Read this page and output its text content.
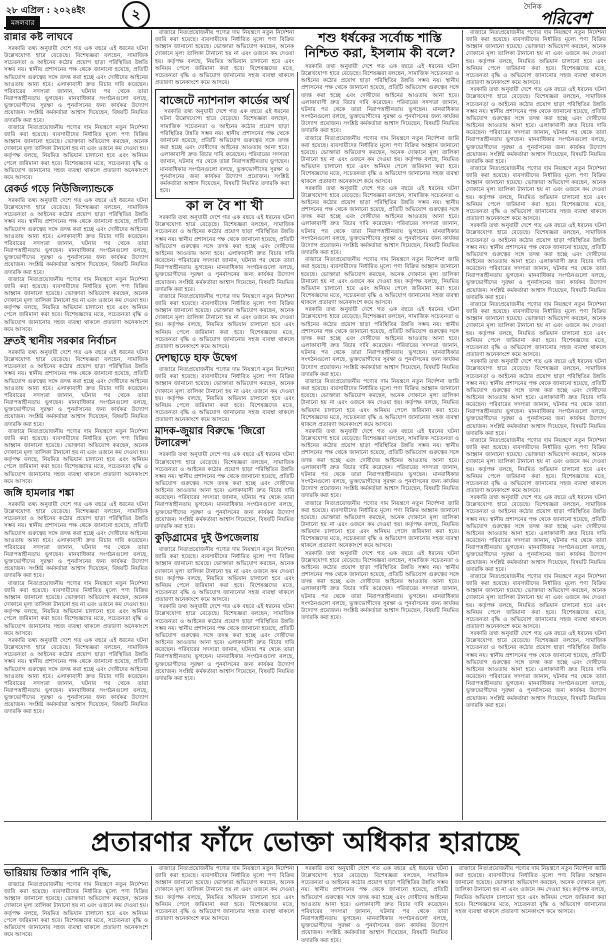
২৮ এপ্রিল : ২০২৪ইং
মঙ্গলবার	২	দৈনিক
পরিবেশ
রান্নার কষ্ট লাঘবে

সরকারি তথ্য অনুযায়ী দেশে গত এক বছরে এই ধরনের ঘটনা উল্লেখযোগ্য হারে বেড়েছে। বিশেষজ্ঞরা বলছেন, সামাজিক সচেতনতা ও আইনের কঠোর প্রয়োগ ছাড়া পরিস্থিতির উন্নতি সম্ভব নয়। স্থানীয় প্রশাসনের পক্ষ থেকে জানানো হয়েছে, প্রতিটি অভিযোগ গুরুত্বের সঙ্গে তদন্ত করা হচ্ছে এবং দোষীদের আইনের আওতায় আনা হবে। এলাকাবাসী দ্রুত বিচার দাবি করেছেন। পরিবারের সদস্যরা জানান, ঘটনার পর থেকে তারা নিরাপত্তাহীনতায় ভুগছেন। মানবাধিকার সংগঠনগুলো বলছে, ভুক্তভোগীদের সুরক্ষা ও পুনর্বাসনের জন্য কার্যকর উদ্যোগ প্রয়োজন। সংশ্লিষ্ট কর্মকর্তারা আশ্বাস দিয়েছেন, বিষয়টি নিয়মিত তদারকি করা হবে।

বাজারে নিত্যপ্রয়োজনীয় পণ্যের দাম নিয়ন্ত্রণে নতুন নির্দেশনা জারি করা হয়েছে। ব্যবসায়ীদের নির্ধারিত মূল্যে পণ্য বিক্রির আহ্বান জানানো হয়েছে। ভোক্তারা অভিযোগ করছেন, অনেক দোকানে মূল্য তালিকা টানানো হয় না এবং ওজনে কম দেওয়া হয়। কর্তৃপক্ষ বলছে, নিয়মিত অভিযান চালানো হবে এবং অনিয়ম পেলে জরিমানা করা হবে। বিশেষজ্ঞদের মতে, সচেতনতা বৃদ্ধি ও অভিযোগ জানানোর সহজ ব্যবস্থা থাকলে প্রতারণা অনেকাংশে কমে আসবে।

রেকর্ড গড়ে নিউজিল্যান্ডকে

সরকারি তথ্য অনুযায়ী দেশে গত এক বছরে এই ধরনের ঘটনা উল্লেখযোগ্য হারে বেড়েছে। বিশেষজ্ঞরা বলছেন, সামাজিক সচেতনতা ও আইনের কঠোর প্রয়োগ ছাড়া পরিস্থিতির উন্নতি সম্ভব নয়। স্থানীয় প্রশাসনের পক্ষ থেকে জানানো হয়েছে, প্রতিটি অভিযোগ গুরুত্বের সঙ্গে তদন্ত করা হচ্ছে এবং দোষীদের আইনের আওতায় আনা হবে। এলাকাবাসী দ্রুত বিচার দাবি করেছেন। পরিবারের সদস্যরা জানান, ঘটনার পর থেকে তারা নিরাপত্তাহীনতায় ভুগছেন। মানবাধিকার সংগঠনগুলো বলছে, ভুক্তভোগীদের সুরক্ষা ও পুনর্বাসনের জন্য কার্যকর উদ্যোগ প্রয়োজন। সংশ্লিষ্ট কর্মকর্তারা আশ্বাস দিয়েছেন, বিষয়টি নিয়মিত তদারকি করা হবে।

বাজারে নিত্যপ্রয়োজনীয় পণ্যের দাম নিয়ন্ত্রণে নতুন নির্দেশনা জারি করা হয়েছে। ব্যবসায়ীদের নির্ধারিত মূল্যে পণ্য বিক্রির আহ্বান জানানো হয়েছে। ভোক্তারা অভিযোগ করছেন, অনেক দোকানে মূল্য তালিকা টানানো হয় না এবং ওজনে কম দেওয়া হয়। কর্তৃপক্ষ বলছে, নিয়মিত অভিযান চালানো হবে এবং অনিয়ম পেলে জরিমানা করা হবে। বিশেষজ্ঞদের মতে, সচেতনতা বৃদ্ধি ও অভিযোগ জানানোর সহজ ব্যবস্থা থাকলে প্রতারণা অনেকাংশে কমে আসবে।

দ্রুতই স্থানীয় সরকার নির্বাচন

সরকারি তথ্য অনুযায়ী দেশে গত এক বছরে এই ধরনের ঘটনা উল্লেখযোগ্য হারে বেড়েছে। বিশেষজ্ঞরা বলছেন, সামাজিক সচেতনতা ও আইনের কঠোর প্রয়োগ ছাড়া পরিস্থিতির উন্নতি সম্ভব নয়। স্থানীয় প্রশাসনের পক্ষ থেকে জানানো হয়েছে, প্রতিটি অভিযোগ গুরুত্বের সঙ্গে তদন্ত করা হচ্ছে এবং দোষীদের আইনের আওতায় আনা হবে। এলাকাবাসী দ্রুত বিচার দাবি করেছেন। পরিবারের সদস্যরা জানান, ঘটনার পর থেকে তারা নিরাপত্তাহীনতায় ভুগছেন। মানবাধিকার সংগঠনগুলো বলছে, ভুক্তভোগীদের সুরক্ষা ও পুনর্বাসনের জন্য কার্যকর উদ্যোগ প্রয়োজন। সংশ্লিষ্ট কর্মকর্তারা আশ্বাস দিয়েছেন, বিষয়টি নিয়মিত তদারকি করা হবে।

বাজারে নিত্যপ্রয়োজনীয় পণ্যের দাম নিয়ন্ত্রণে নতুন নির্দেশনা জারি করা হয়েছে। ব্যবসায়ীদের নির্ধারিত মূল্যে পণ্য বিক্রির আহ্বান জানানো হয়েছে। ভোক্তারা অভিযোগ করছেন, অনেক দোকানে মূল্য তালিকা টানানো হয় না এবং ওজনে কম দেওয়া হয়। কর্তৃপক্ষ বলছে, নিয়মিত অভিযান চালানো হবে এবং অনিয়ম পেলে জরিমানা করা হবে। বিশেষজ্ঞদের মতে, সচেতনতা বৃদ্ধি ও অভিযোগ জানানোর সহজ ব্যবস্থা থাকলে প্রতারণা অনেকাংশে কমে আসবে।

জঙ্গি হামলার শঙ্কা

সরকারি তথ্য অনুযায়ী দেশে গত এক বছরে এই ধরনের ঘটনা উল্লেখযোগ্য হারে বেড়েছে। বিশেষজ্ঞরা বলছেন, সামাজিক সচেতনতা ও আইনের কঠোর প্রয়োগ ছাড়া পরিস্থিতির উন্নতি সম্ভব নয়। স্থানীয় প্রশাসনের পক্ষ থেকে জানানো হয়েছে, প্রতিটি অভিযোগ গুরুত্বের সঙ্গে তদন্ত করা হচ্ছে এবং দোষীদের আইনের আওতায় আনা হবে। এলাকাবাসী দ্রুত বিচার দাবি করেছেন। পরিবারের সদস্যরা জানান, ঘটনার পর থেকে তারা নিরাপত্তাহীনতায় ভুগছেন। মানবাধিকার সংগঠনগুলো বলছে, ভুক্তভোগীদের সুরক্ষা ও পুনর্বাসনের জন্য কার্যকর উদ্যোগ প্রয়োজন। সংশ্লিষ্ট কর্মকর্তারা আশ্বাস দিয়েছেন, বিষয়টি নিয়মিত তদারকি করা হবে।

বাজারে নিত্যপ্রয়োজনীয় পণ্যের দাম নিয়ন্ত্রণে নতুন নির্দেশনা জারি করা হয়েছে। ব্যবসায়ীদের নির্ধারিত মূল্যে পণ্য বিক্রির আহ্বান জানানো হয়েছে। ভোক্তারা অভিযোগ করছেন, অনেক দোকানে মূল্য তালিকা টানানো হয় না এবং ওজনে কম দেওয়া হয়। কর্তৃপক্ষ বলছে, নিয়মিত অভিযান চালানো হবে এবং অনিয়ম পেলে জরিমানা করা হবে। বিশেষজ্ঞদের মতে, সচেতনতা বৃদ্ধি ও অভিযোগ জানানোর সহজ ব্যবস্থা থাকলে প্রতারণা অনেকাংশে কমে আসবে।

সরকারি তথ্য অনুযায়ী দেশে গত এক বছরে এই ধরনের ঘটনা উল্লেখযোগ্য হারে বেড়েছে। বিশেষজ্ঞরা বলছেন, সামাজিক সচেতনতা ও আইনের কঠোর প্রয়োগ ছাড়া পরিস্থিতির উন্নতি সম্ভব নয়। স্থানীয় প্রশাসনের পক্ষ থেকে জানানো হয়েছে, প্রতিটি অভিযোগ গুরুত্বের সঙ্গে তদন্ত করা হচ্ছে এবং দোষীদের আইনের আওতায় আনা হবে। এলাকাবাসী দ্রুত বিচার দাবি করেছেন। পরিবারের সদস্যরা জানান, ঘটনার পর থেকে তারা নিরাপত্তাহীনতায় ভুগছেন। মানবাধিকার সংগঠনগুলো বলছে, ভুক্তভোগীদের সুরক্ষা ও পুনর্বাসনের জন্য কার্যকর উদ্যোগ প্রয়োজন। সংশ্লিষ্ট কর্মকর্তারা আশ্বাস দিয়েছেন, বিষয়টি নিয়মিত তদারকি করা হবে।

ভারিয়ায় তিস্তার পানি বৃদ্ধি,

বাজারে নিত্যপ্রয়োজনীয় পণ্যের দাম নিয়ন্ত্রণে নতুন নির্দেশনা জারি করা হয়েছে। ব্যবসায়ীদের নির্ধারিত মূল্যে পণ্য বিক্রির আহ্বান জানানো হয়েছে। ভোক্তারা অভিযোগ করছেন, অনেক দোকানে মূল্য তালিকা টানানো হয় না এবং ওজনে কম দেওয়া হয়। কর্তৃপক্ষ বলছে, নিয়মিত অভিযান চালানো হবে এবং অনিয়ম পেলে জরিমানা করা হবে। বিশেষজ্ঞদের মতে, সচেতনতা বৃদ্ধি ও অভিযোগ জানানোর সহজ ব্যবস্থা থাকলে প্রতারণা অনেকাংশে কমে আসবে।

বাজারে নিত্যপ্রয়োজনীয় পণ্যের দাম নিয়ন্ত্রণে নতুন নির্দেশনা জারি করা হয়েছে। ব্যবসায়ীদের নির্ধারিত মূল্যে পণ্য বিক্রির আহ্বান জানানো হয়েছে। ভোক্তারা অভিযোগ করছেন, অনেক দোকানে মূল্য তালিকা টানানো হয় না এবং ওজনে কম দেওয়া হয়। কর্তৃপক্ষ বলছে, নিয়মিত অভিযান চালানো হবে এবং অনিয়ম পেলে জরিমানা করা হবে। বিশেষজ্ঞদের মতে, সচেতনতা বৃদ্ধি ও অভিযোগ জানানোর সহজ ব্যবস্থা থাকলে প্রতারণা অনেকাংশে কমে আসবে।

বাজেটে ন্যাশনাল কার্ডের অর্থ

সরকারি তথ্য অনুযায়ী দেশে গত এক বছরে এই ধরনের ঘটনা উল্লেখযোগ্য হারে বেড়েছে। বিশেষজ্ঞরা বলছেন, সামাজিক সচেতনতা ও আইনের কঠোর প্রয়োগ ছাড়া পরিস্থিতির উন্নতি সম্ভব নয়। স্থানীয় প্রশাসনের পক্ষ থেকে জানানো হয়েছে, প্রতিটি অভিযোগ গুরুত্বের সঙ্গে তদন্ত করা হচ্ছে এবং দোষীদের আইনের আওতায় আনা হবে। এলাকাবাসী দ্রুত বিচার দাবি করেছেন। পরিবারের সদস্যরা জানান, ঘটনার পর থেকে তারা নিরাপত্তাহীনতায় ভুগছেন। মানবাধিকার সংগঠনগুলো বলছে, ভুক্তভোগীদের সুরক্ষা ও পুনর্বাসনের জন্য কার্যকর উদ্যোগ প্রয়োজন। সংশ্লিষ্ট কর্মকর্তারা আশ্বাস দিয়েছেন, বিষয়টি নিয়মিত তদারকি করা হবে।

কা ল বৈ শা খী

সরকারি তথ্য অনুযায়ী দেশে গত এক বছরে এই ধরনের ঘটনা উল্লেখযোগ্য হারে বেড়েছে। বিশেষজ্ঞরা বলছেন, সামাজিক সচেতনতা ও আইনের কঠোর প্রয়োগ ছাড়া পরিস্থিতির উন্নতি সম্ভব নয়। স্থানীয় প্রশাসনের পক্ষ থেকে জানানো হয়েছে, প্রতিটি অভিযোগ গুরুত্বের সঙ্গে তদন্ত করা হচ্ছে এবং দোষীদের আইনের আওতায় আনা হবে। এলাকাবাসী দ্রুত বিচার দাবি করেছেন। পরিবারের সদস্যরা জানান, ঘটনার পর থেকে তারা নিরাপত্তাহীনতায় ভুগছেন। মানবাধিকার সংগঠনগুলো বলছে, ভুক্তভোগীদের সুরক্ষা ও পুনর্বাসনের জন্য কার্যকর উদ্যোগ প্রয়োজন। সংশ্লিষ্ট কর্মকর্তারা আশ্বাস দিয়েছেন, বিষয়টি নিয়মিত তদারকি করা হবে।

বাজারে নিত্যপ্রয়োজনীয় পণ্যের দাম নিয়ন্ত্রণে নতুন নির্দেশনা জারি করা হয়েছে। ব্যবসায়ীদের নির্ধারিত মূল্যে পণ্য বিক্রির আহ্বান জানানো হয়েছে। ভোক্তারা অভিযোগ করছেন, অনেক দোকানে মূল্য তালিকা টানানো হয় না এবং ওজনে কম দেওয়া হয়। কর্তৃপক্ষ বলছে, নিয়মিত অভিযান চালানো হবে এবং অনিয়ম পেলে জরিমানা করা হবে। বিশেষজ্ঞদের মতে, সচেতনতা বৃদ্ধি ও অভিযোগ জানানোর সহজ ব্যবস্থা থাকলে প্রতারণা অনেকাংশে কমে আসবে।

দেশছাড়ে হাফ উদ্বেগ

বাজারে নিত্যপ্রয়োজনীয় পণ্যের দাম নিয়ন্ত্রণে নতুন নির্দেশনা জারি করা হয়েছে। ব্যবসায়ীদের নির্ধারিত মূল্যে পণ্য বিক্রির আহ্বান জানানো হয়েছে। ভোক্তারা অভিযোগ করছেন, অনেক দোকানে মূল্য তালিকা টানানো হয় না এবং ওজনে কম দেওয়া হয়। কর্তৃপক্ষ বলছে, নিয়মিত অভিযান চালানো হবে এবং অনিয়ম পেলে জরিমানা করা হবে। বিশেষজ্ঞদের মতে, সচেতনতা বৃদ্ধি ও অভিযোগ জানানোর সহজ ব্যবস্থা থাকলে প্রতারণা অনেকাংশে কমে আসবে।

মাদক-জুয়ার বিরুদ্ধে 'জিরো টলারেন্স'

সরকারি তথ্য অনুযায়ী দেশে গত এক বছরে এই ধরনের ঘটনা উল্লেখযোগ্য হারে বেড়েছে। বিশেষজ্ঞরা বলছেন, সামাজিক সচেতনতা ও আইনের কঠোর প্রয়োগ ছাড়া পরিস্থিতির উন্নতি সম্ভব নয়। স্থানীয় প্রশাসনের পক্ষ থেকে জানানো হয়েছে, প্রতিটি অভিযোগ গুরুত্বের সঙ্গে তদন্ত করা হচ্ছে এবং দোষীদের আইনের আওতায় আনা হবে। এলাকাবাসী দ্রুত বিচার দাবি করেছেন। পরিবারের সদস্যরা জানান, ঘটনার পর থেকে তারা নিরাপত্তাহীনতায় ভুগছেন। মানবাধিকার সংগঠনগুলো বলছে, ভুক্তভোগীদের সুরক্ষা ও পুনর্বাসনের জন্য কার্যকর উদ্যোগ প্রয়োজন। সংশ্লিষ্ট কর্মকর্তারা আশ্বাস দিয়েছেন, বিষয়টি নিয়মিত তদারকি করা হবে।

কুড়িগ্রামের দুই উপজেলায়

বাজারে নিত্যপ্রয়োজনীয় পণ্যের দাম নিয়ন্ত্রণে নতুন নির্দেশনা জারি করা হয়েছে। ব্যবসায়ীদের নির্ধারিত মূল্যে পণ্য বিক্রির আহ্বান জানানো হয়েছে। ভোক্তারা অভিযোগ করছেন, অনেক দোকানে মূল্য তালিকা টানানো হয় না এবং ওজনে কম দেওয়া হয়। কর্তৃপক্ষ বলছে, নিয়মিত অভিযান চালানো হবে এবং অনিয়ম পেলে জরিমানা করা হবে। বিশেষজ্ঞদের মতে, সচেতনতা বৃদ্ধি ও অভিযোগ জানানোর সহজ ব্যবস্থা থাকলে প্রতারণা অনেকাংশে কমে আসবে।

সরকারি তথ্য অনুযায়ী দেশে গত এক বছরে এই ধরনের ঘটনা উল্লেখযোগ্য হারে বেড়েছে। বিশেষজ্ঞরা বলছেন, সামাজিক সচেতনতা ও আইনের কঠোর প্রয়োগ ছাড়া পরিস্থিতির উন্নতি সম্ভব নয়। স্থানীয় প্রশাসনের পক্ষ থেকে জানানো হয়েছে, প্রতিটি অভিযোগ গুরুত্বের সঙ্গে তদন্ত করা হচ্ছে এবং দোষীদের আইনের আওতায় আনা হবে। এলাকাবাসী দ্রুত বিচার দাবি করেছেন। পরিবারের সদস্যরা জানান, ঘটনার পর থেকে তারা নিরাপত্তাহীনতায় ভুগছেন। মানবাধিকার সংগঠনগুলো বলছে, ভুক্তভোগীদের সুরক্ষা ও পুনর্বাসনের জন্য কার্যকর উদ্যোগ প্রয়োজন। সংশ্লিষ্ট কর্মকর্তারা আশ্বাস দিয়েছেন, বিষয়টি নিয়মিত তদারকি করা হবে।

শশু ধর্ষকের সর্বোচ্চ শাস্তি নিশ্চিত করা, ইসলাম কী বলে?

সরকারি তথ্য অনুযায়ী দেশে গত এক বছরে এই ধরনের ঘটনা উল্লেখযোগ্য হারে বেড়েছে। বিশেষজ্ঞরা বলছেন, সামাজিক সচেতনতা ও আইনের কঠোর প্রয়োগ ছাড়া পরিস্থিতির উন্নতি সম্ভব নয়। স্থানীয় প্রশাসনের পক্ষ থেকে জানানো হয়েছে, প্রতিটি অভিযোগ গুরুত্বের সঙ্গে তদন্ত করা হচ্ছে এবং দোষীদের আইনের আওতায় আনা হবে। এলাকাবাসী দ্রুত বিচার দাবি করেছেন। পরিবারের সদস্যরা জানান, ঘটনার পর থেকে তারা নিরাপত্তাহীনতায় ভুগছেন। মানবাধিকার সংগঠনগুলো বলছে, ভুক্তভোগীদের সুরক্ষা ও পুনর্বাসনের জন্য কার্যকর উদ্যোগ প্রয়োজন। সংশ্লিষ্ট কর্মকর্তারা আশ্বাস দিয়েছেন, বিষয়টি নিয়মিত তদারকি করা হবে।

বাজারে নিত্যপ্রয়োজনীয় পণ্যের দাম নিয়ন্ত্রণে নতুন নির্দেশনা জারি করা হয়েছে। ব্যবসায়ীদের নির্ধারিত মূল্যে পণ্য বিক্রির আহ্বান জানানো হয়েছে। ভোক্তারা অভিযোগ করছেন, অনেক দোকানে মূল্য তালিকা টানানো হয় না এবং ওজনে কম দেওয়া হয়। কর্তৃপক্ষ বলছে, নিয়মিত অভিযান চালানো হবে এবং অনিয়ম পেলে জরিমানা করা হবে। বিশেষজ্ঞদের মতে, সচেতনতা বৃদ্ধি ও অভিযোগ জানানোর সহজ ব্যবস্থা থাকলে প্রতারণা অনেকাংশে কমে আসবে।

সরকারি তথ্য অনুযায়ী দেশে গত এক বছরে এই ধরনের ঘটনা উল্লেখযোগ্য হারে বেড়েছে। বিশেষজ্ঞরা বলছেন, সামাজিক সচেতনতা ও আইনের কঠোর প্রয়োগ ছাড়া পরিস্থিতির উন্নতি সম্ভব নয়। স্থানীয় প্রশাসনের পক্ষ থেকে জানানো হয়েছে, প্রতিটি অভিযোগ গুরুত্বের সঙ্গে তদন্ত করা হচ্ছে এবং দোষীদের আইনের আওতায় আনা হবে। এলাকাবাসী দ্রুত বিচার দাবি করেছেন। পরিবারের সদস্যরা জানান, ঘটনার পর থেকে তারা নিরাপত্তাহীনতায় ভুগছেন। মানবাধিকার সংগঠনগুলো বলছে, ভুক্তভোগীদের সুরক্ষা ও পুনর্বাসনের জন্য কার্যকর উদ্যোগ প্রয়োজন। সংশ্লিষ্ট কর্মকর্তারা আশ্বাস দিয়েছেন, বিষয়টি নিয়মিত তদারকি করা হবে।

বাজারে নিত্যপ্রয়োজনীয় পণ্যের দাম নিয়ন্ত্রণে নতুন নির্দেশনা জারি করা হয়েছে। ব্যবসায়ীদের নির্ধারিত মূল্যে পণ্য বিক্রির আহ্বান জানানো হয়েছে। ভোক্তারা অভিযোগ করছেন, অনেক দোকানে মূল্য তালিকা টানানো হয় না এবং ওজনে কম দেওয়া হয়। কর্তৃপক্ষ বলছে, নিয়মিত অভিযান চালানো হবে এবং অনিয়ম পেলে জরিমানা করা হবে। বিশেষজ্ঞদের মতে, সচেতনতা বৃদ্ধি ও অভিযোগ জানানোর সহজ ব্যবস্থা থাকলে প্রতারণা অনেকাংশে কমে আসবে।

সরকারি তথ্য অনুযায়ী দেশে গত এক বছরে এই ধরনের ঘটনা উল্লেখযোগ্য হারে বেড়েছে। বিশেষজ্ঞরা বলছেন, সামাজিক সচেতনতা ও আইনের কঠোর প্রয়োগ ছাড়া পরিস্থিতির উন্নতি সম্ভব নয়। স্থানীয় প্রশাসনের পক্ষ থেকে জানানো হয়েছে, প্রতিটি অভিযোগ গুরুত্বের সঙ্গে তদন্ত করা হচ্ছে এবং দোষীদের আইনের আওতায় আনা হবে। এলাকাবাসী দ্রুত বিচার দাবি করেছেন। পরিবারের সদস্যরা জানান, ঘটনার পর থেকে তারা নিরাপত্তাহীনতায় ভুগছেন। মানবাধিকার সংগঠনগুলো বলছে, ভুক্তভোগীদের সুরক্ষা ও পুনর্বাসনের জন্য কার্যকর উদ্যোগ প্রয়োজন। সংশ্লিষ্ট কর্মকর্তারা আশ্বাস দিয়েছেন, বিষয়টি নিয়মিত তদারকি করা হবে।

বাজারে নিত্যপ্রয়োজনীয় পণ্যের দাম নিয়ন্ত্রণে নতুন নির্দেশনা জারি করা হয়েছে। ব্যবসায়ীদের নির্ধারিত মূল্যে পণ্য বিক্রির আহ্বান জানানো হয়েছে। ভোক্তারা অভিযোগ করছেন, অনেক দোকানে মূল্য তালিকা টানানো হয় না এবং ওজনে কম দেওয়া হয়। কর্তৃপক্ষ বলছে, নিয়মিত অভিযান চালানো হবে এবং অনিয়ম পেলে জরিমানা করা হবে। বিশেষজ্ঞদের মতে, সচেতনতা বৃদ্ধি ও অভিযোগ জানানোর সহজ ব্যবস্থা থাকলে প্রতারণা অনেকাংশে কমে আসবে।

সরকারি তথ্য অনুযায়ী দেশে গত এক বছরে এই ধরনের ঘটনা উল্লেখযোগ্য হারে বেড়েছে। বিশেষজ্ঞরা বলছেন, সামাজিক সচেতনতা ও আইনের কঠোর প্রয়োগ ছাড়া পরিস্থিতির উন্নতি সম্ভব নয়। স্থানীয় প্রশাসনের পক্ষ থেকে জানানো হয়েছে, প্রতিটি অভিযোগ গুরুত্বের সঙ্গে তদন্ত করা হচ্ছে এবং দোষীদের আইনের আওতায় আনা হবে। এলাকাবাসী দ্রুত বিচার দাবি করেছেন। পরিবারের সদস্যরা জানান, ঘটনার পর থেকে তারা নিরাপত্তাহীনতায় ভুগছেন। মানবাধিকার সংগঠনগুলো বলছে, ভুক্তভোগীদের সুরক্ষা ও পুনর্বাসনের জন্য কার্যকর উদ্যোগ প্রয়োজন। সংশ্লিষ্ট কর্মকর্তারা আশ্বাস দিয়েছেন, বিষয়টি নিয়মিত তদারকি করা হবে।

বাজারে নিত্যপ্রয়োজনীয় পণ্যের দাম নিয়ন্ত্রণে নতুন নির্দেশনা জারি করা হয়েছে। ব্যবসায়ীদের নির্ধারিত মূল্যে পণ্য বিক্রির আহ্বান জানানো হয়েছে। ভোক্তারা অভিযোগ করছেন, অনেক দোকানে মূল্য তালিকা টানানো হয় না এবং ওজনে কম দেওয়া হয়। কর্তৃপক্ষ বলছে, নিয়মিত অভিযান চালানো হবে এবং অনিয়ম পেলে জরিমানা করা হবে। বিশেষজ্ঞদের মতে, সচেতনতা বৃদ্ধি ও অভিযোগ জানানোর সহজ ব্যবস্থা থাকলে প্রতারণা অনেকাংশে কমে আসবে।

সরকারি তথ্য অনুযায়ী দেশে গত এক বছরে এই ধরনের ঘটনা উল্লেখযোগ্য হারে বেড়েছে। বিশেষজ্ঞরা বলছেন, সামাজিক সচেতনতা ও আইনের কঠোর প্রয়োগ ছাড়া পরিস্থিতির উন্নতি সম্ভব নয়। স্থানীয় প্রশাসনের পক্ষ থেকে জানানো হয়েছে, প্রতিটি অভিযোগ গুরুত্বের সঙ্গে তদন্ত করা হচ্ছে এবং দোষীদের আইনের আওতায় আনা হবে। এলাকাবাসী দ্রুত বিচার দাবি করেছেন। পরিবারের সদস্যরা জানান, ঘটনার পর থেকে তারা নিরাপত্তাহীনতায় ভুগছেন। মানবাধিকার সংগঠনগুলো বলছে, ভুক্তভোগীদের সুরক্ষা ও পুনর্বাসনের জন্য কার্যকর উদ্যোগ প্রয়োজন। সংশ্লিষ্ট কর্মকর্তারা আশ্বাস দিয়েছেন, বিষয়টি নিয়মিত তদারকি করা হবে।

বাজারে নিত্যপ্রয়োজনীয় পণ্যের দাম নিয়ন্ত্রণে নতুন নির্দেশনা জারি করা হয়েছে। ব্যবসায়ীদের নির্ধারিত মূল্যে পণ্য বিক্রির আহ্বান জানানো হয়েছে। ভোক্তারা অভিযোগ করছেন, অনেক দোকানে মূল্য তালিকা টানানো হয় না এবং ওজনে কম দেওয়া হয়। কর্তৃপক্ষ বলছে, নিয়মিত অভিযান চালানো হবে এবং অনিয়ম পেলে জরিমানা করা হবে। বিশেষজ্ঞদের মতে, সচেতনতা বৃদ্ধি ও অভিযোগ জানানোর সহজ ব্যবস্থা থাকলে প্রতারণা অনেকাংশে কমে আসবে।

সরকারি তথ্য অনুযায়ী দেশে গত এক বছরে এই ধরনের ঘটনা উল্লেখযোগ্য হারে বেড়েছে। বিশেষজ্ঞরা বলছেন, সামাজিক সচেতনতা ও আইনের কঠোর প্রয়োগ ছাড়া পরিস্থিতির উন্নতি সম্ভব নয়। স্থানীয় প্রশাসনের পক্ষ থেকে জানানো হয়েছে, প্রতিটি অভিযোগ গুরুত্বের সঙ্গে তদন্ত করা হচ্ছে এবং দোষীদের আইনের আওতায় আনা হবে। এলাকাবাসী দ্রুত বিচার দাবি করেছেন। পরিবারের সদস্যরা জানান, ঘটনার পর থেকে তারা নিরাপত্তাহীনতায় ভুগছেন। মানবাধিকার সংগঠনগুলো বলছে, ভুক্তভোগীদের সুরক্ষা ও পুনর্বাসনের জন্য কার্যকর উদ্যোগ প্রয়োজন। সংশ্লিষ্ট কর্মকর্তারা আশ্বাস দিয়েছেন, বিষয়টি নিয়মিত তদারকি করা হবে।

বাজারে নিত্যপ্রয়োজনীয় পণ্যের দাম নিয়ন্ত্রণে নতুন নির্দেশনা জারি করা হয়েছে। ব্যবসায়ীদের নির্ধারিত মূল্যে পণ্য বিক্রির আহ্বান জানানো হয়েছে। ভোক্তারা অভিযোগ করছেন, অনেক দোকানে মূল্য তালিকা টানানো হয় না এবং ওজনে কম দেওয়া হয়। কর্তৃপক্ষ বলছে, নিয়মিত অভিযান চালানো হবে এবং অনিয়ম পেলে জরিমানা করা হবে। বিশেষজ্ঞদের মতে, সচেতনতা বৃদ্ধি ও অভিযোগ জানানোর সহজ ব্যবস্থা থাকলে প্রতারণা অনেকাংশে কমে আসবে।

সরকারি তথ্য অনুযায়ী দেশে গত এক বছরে এই ধরনের ঘটনা উল্লেখযোগ্য হারে বেড়েছে। বিশেষজ্ঞরা বলছেন, সামাজিক সচেতনতা ও আইনের কঠোর প্রয়োগ ছাড়া পরিস্থিতির উন্নতি সম্ভব নয়। স্থানীয় প্রশাসনের পক্ষ থেকে জানানো হয়েছে, প্রতিটি অভিযোগ গুরুত্বের সঙ্গে তদন্ত করা হচ্ছে এবং দোষীদের আইনের আওতায় আনা হবে। এলাকাবাসী দ্রুত বিচার দাবি করেছেন। পরিবারের সদস্যরা জানান, ঘটনার পর থেকে তারা নিরাপত্তাহীনতায় ভুগছেন। মানবাধিকার সংগঠনগুলো বলছে, ভুক্তভোগীদের সুরক্ষা ও পুনর্বাসনের জন্য কার্যকর উদ্যোগ প্রয়োজন। সংশ্লিষ্ট কর্মকর্তারা আশ্বাস দিয়েছেন, বিষয়টি নিয়মিত তদারকি করা হবে।

বাজারে নিত্যপ্রয়োজনীয় পণ্যের দাম নিয়ন্ত্রণে নতুন নির্দেশনা জারি করা হয়েছে। ব্যবসায়ীদের নির্ধারিত মূল্যে পণ্য বিক্রির আহ্বান জানানো হয়েছে। ভোক্তারা অভিযোগ করছেন, অনেক দোকানে মূল্য তালিকা টানানো হয় না এবং ওজনে কম দেওয়া হয়। কর্তৃপক্ষ বলছে, নিয়মিত অভিযান চালানো হবে এবং অনিয়ম পেলে জরিমানা করা হবে। বিশেষজ্ঞদের মতে, সচেতনতা বৃদ্ধি ও অভিযোগ জানানোর সহজ ব্যবস্থা থাকলে প্রতারণা অনেকাংশে কমে আসবে।

সরকারি তথ্য অনুযায়ী দেশে গত এক বছরে এই ধরনের ঘটনা উল্লেখযোগ্য হারে বেড়েছে। বিশেষজ্ঞরা বলছেন, সামাজিক সচেতনতা ও আইনের কঠোর প্রয়োগ ছাড়া পরিস্থিতির উন্নতি সম্ভব নয়। স্থানীয় প্রশাসনের পক্ষ থেকে জানানো হয়েছে, প্রতিটি অভিযোগ গুরুত্বের সঙ্গে তদন্ত করা হচ্ছে এবং দোষীদের আইনের আওতায় আনা হবে। এলাকাবাসী দ্রুত বিচার দাবি করেছেন। পরিবারের সদস্যরা জানান, ঘটনার পর থেকে তারা নিরাপত্তাহীনতায় ভুগছেন। মানবাধিকার সংগঠনগুলো বলছে, ভুক্তভোগীদের সুরক্ষা ও পুনর্বাসনের জন্য কার্যকর উদ্যোগ প্রয়োজন। সংশ্লিষ্ট কর্মকর্তারা আশ্বাস দিয়েছেন, বিষয়টি নিয়মিত তদারকি করা হবে।

বাজারে নিত্যপ্রয়োজনীয় পণ্যের দাম নিয়ন্ত্রণে নতুন নির্দেশনা জারি করা হয়েছে। ব্যবসায়ীদের নির্ধারিত মূল্যে পণ্য বিক্রির আহ্বান জানানো হয়েছে। ভোক্তারা অভিযোগ করছেন, অনেক দোকানে মূল্য তালিকা টানানো হয় না এবং ওজনে কম দেওয়া হয়। কর্তৃপক্ষ বলছে, নিয়মিত অভিযান চালানো হবে এবং অনিয়ম পেলে জরিমানা করা হবে। বিশেষজ্ঞদের মতে, সচেতনতা বৃদ্ধি ও অভিযোগ জানানোর সহজ ব্যবস্থা থাকলে প্রতারণা অনেকাংশে কমে আসবে।

সরকারি তথ্য অনুযায়ী দেশে গত এক বছরে এই ধরনের ঘটনা উল্লেখযোগ্য হারে বেড়েছে। বিশেষজ্ঞরা বলছেন, সামাজিক সচেতনতা ও আইনের কঠোর প্রয়োগ ছাড়া পরিস্থিতির উন্নতি সম্ভব নয়। স্থানীয় প্রশাসনের পক্ষ থেকে জানানো হয়েছে, প্রতিটি অভিযোগ গুরুত্বের সঙ্গে তদন্ত করা হচ্ছে এবং দোষীদের আইনের আওতায় আনা হবে। এলাকাবাসী দ্রুত বিচার দাবি করেছেন। পরিবারের সদস্যরা জানান, ঘটনার পর থেকে তারা নিরাপত্তাহীনতায় ভুগছেন। মানবাধিকার সংগঠনগুলো বলছে, ভুক্তভোগীদের সুরক্ষা ও পুনর্বাসনের জন্য কার্যকর উদ্যোগ প্রয়োজন। সংশ্লিষ্ট কর্মকর্তারা আশ্বাস দিয়েছেন, বিষয়টি নিয়মিত তদারকি করা হবে।

বাজারে নিত্যপ্রয়োজনীয় পণ্যের দাম নিয়ন্ত্রণে নতুন নির্দেশনা জারি করা হয়েছে। ব্যবসায়ীদের নির্ধারিত মূল্যে পণ্য বিক্রির আহ্বান জানানো হয়েছে। ভোক্তারা অভিযোগ করছেন, অনেক দোকানে মূল্য তালিকা টানানো হয় না এবং ওজনে কম দেওয়া হয়। কর্তৃপক্ষ বলছে, নিয়মিত অভিযান চালানো হবে এবং অনিয়ম পেলে জরিমানা করা হবে। বিশেষজ্ঞদের মতে, সচেতনতা বৃদ্ধি ও অভিযোগ জানানোর সহজ ব্যবস্থা থাকলে প্রতারণা অনেকাংশে কমে আসবে।

সরকারি তথ্য অনুযায়ী দেশে গত এক বছরে এই ধরনের ঘটনা উল্লেখযোগ্য হারে বেড়েছে। বিশেষজ্ঞরা বলছেন, সামাজিক সচেতনতা ও আইনের কঠোর প্রয়োগ ছাড়া পরিস্থিতির উন্নতি সম্ভব নয়। স্থানীয় প্রশাসনের পক্ষ থেকে জানানো হয়েছে, প্রতিটি অভিযোগ গুরুত্বের সঙ্গে তদন্ত করা হচ্ছে এবং দোষীদের আইনের আওতায় আনা হবে। এলাকাবাসী দ্রুত বিচার দাবি করেছেন। পরিবারের সদস্যরা জানান, ঘটনার পর থেকে তারা নিরাপত্তাহীনতায় ভুগছেন। মানবাধিকার সংগঠনগুলো বলছে, ভুক্তভোগীদের সুরক্ষা ও পুনর্বাসনের জন্য কার্যকর উদ্যোগ প্রয়োজন। সংশ্লিষ্ট কর্মকর্তারা আশ্বাস দিয়েছেন, বিষয়টি নিয়মিত তদারকি করা হবে।

প্রতারণার ফাঁদে ভোক্তা অধিকার হারাচ্ছে

বাজারে নিত্যপ্রয়োজনীয় পণ্যের দাম নিয়ন্ত্রণে নতুন নির্দেশনা জারি করা হয়েছে। ব্যবসায়ীদের নির্ধারিত মূল্যে পণ্য বিক্রির আহ্বান জানানো হয়েছে। ভোক্তারা অভিযোগ করছেন, অনেক দোকানে মূল্য তালিকা টানানো হয় না এবং ওজনে কম দেওয়া হয়। কর্তৃপক্ষ বলছে, নিয়মিত অভিযান চালানো হবে এবং অনিয়ম পেলে জরিমানা করা হবে। বিশেষজ্ঞদের মতে, সচেতনতা বৃদ্ধি ও অভিযোগ জানানোর সহজ ব্যবস্থা থাকলে প্রতারণা অনেকাংশে কমে আসবে।

সরকারি তথ্য অনুযায়ী দেশে গত এক বছরে এই ধরনের ঘটনা উল্লেখযোগ্য হারে বেড়েছে। বিশেষজ্ঞরা বলছেন, সামাজিক সচেতনতা ও আইনের কঠোর প্রয়োগ ছাড়া পরিস্থিতির উন্নতি সম্ভব নয়। স্থানীয় প্রশাসনের পক্ষ থেকে জানানো হয়েছে, প্রতিটি অভিযোগ গুরুত্বের সঙ্গে তদন্ত করা হচ্ছে এবং দোষীদের আইনের আওতায় আনা হবে। এলাকাবাসী দ্রুত বিচার দাবি করেছেন। পরিবারের সদস্যরা জানান, ঘটনার পর থেকে তারা নিরাপত্তাহীনতায় ভুগছেন। মানবাধিকার সংগঠনগুলো বলছে, ভুক্তভোগীদের সুরক্ষা ও পুনর্বাসনের জন্য কার্যকর উদ্যোগ প্রয়োজন। সংশ্লিষ্ট কর্মকর্তারা আশ্বাস দিয়েছেন, বিষয়টি নিয়মিত তদারকি করা হবে।

বাজারে নিত্যপ্রয়োজনীয় পণ্যের দাম নিয়ন্ত্রণে নতুন নির্দেশনা জারি করা হয়েছে। ব্যবসায়ীদের নির্ধারিত মূল্যে পণ্য বিক্রির আহ্বান জানানো হয়েছে। ভোক্তারা অভিযোগ করছেন, অনেক দোকানে মূল্য তালিকা টানানো হয় না এবং ওজনে কম দেওয়া হয়। কর্তৃপক্ষ বলছে, নিয়মিত অভিযান চালানো হবে এবং অনিয়ম পেলে জরিমানা করা হবে। বিশেষজ্ঞদের মতে, সচেতনতা বৃদ্ধি ও অভিযোগ জানানোর সহজ ব্যবস্থা থাকলে প্রতারণা অনেকাংশে কমে আসবে।
